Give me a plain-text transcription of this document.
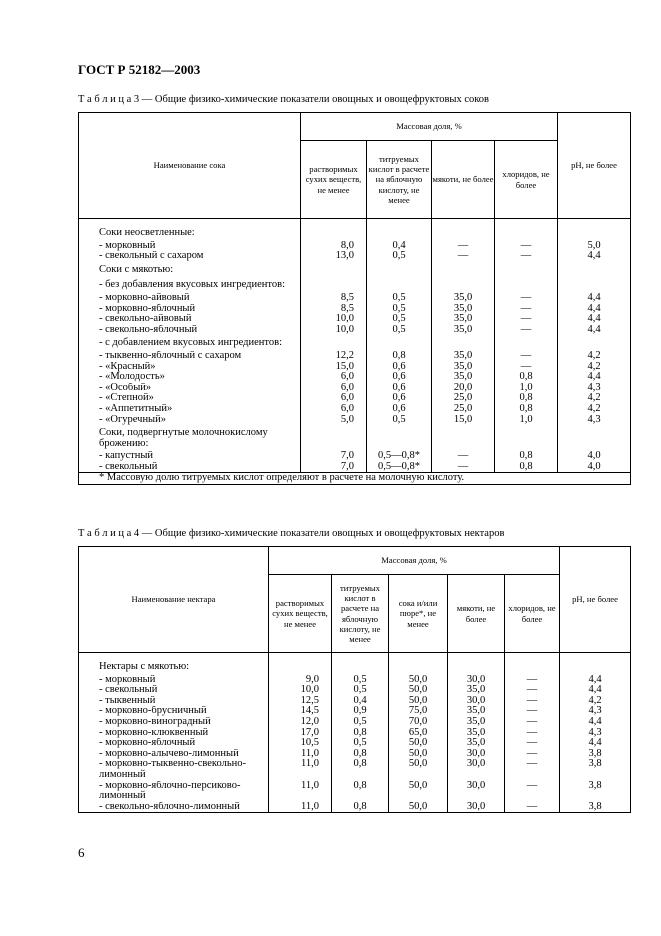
ГОСТ Р 52182—2003
Т а б л и ц а 3 — Общие физико-химические показатели овощных и овощефруктовых соков
Наименование сока	Массовая доля, %				рН, не более
	растворимых сухих веществ, не менее	титруемых кислот в расчете на яблочную кислоту, не менее	мякоти, не более	хлоридов, не более	

Соки неосветленные:					
- морковный	8,0	0,4	—	—	5,0
- свекольный с сахаром	13,0	0,5	—	—	4,4
Соки с мякотью:					
- без добавления вкусовых ингредиентов:					
- морковно-айвовый	8,5	0,5	35,0	—	4,4
- морковно-яблочный	8,5	0,5	35,0	—	4,4
- свекольно-айвовый	10,0	0,5	35,0	—	4,4
- свекольно-яблочный	10,0	0,5	35,0	—	4,4
- с добавлением вкусовых ингредиентов:					
- тыквенно-яблочный с сахаром	12,2	0,8	35,0	—	4,2
- «Красный»	15,0	0,6	35,0	—	4,2
- «Молодость»	6,0	0,6	35,0	0,8	4,4
- «Особый»	6,0	0,6	20,0	1,0	4,3
- «Степной»	6,0	0,6	25,0	0,8	4,2
- «Аппетитный»	6,0	0,6	25,0	0,8	4,2
- «Огуречный»	5,0	0,5	15,0	1,0	4,3
Соки, подвергнутые молочнокислому брожению:					
- капустный	7,0	0,5—0,8*	—	0,8	4,0
- свекольный	7,0	0,5—0,8*	—	0,8	4,0
* Массовую долю титруемых кислот определяют в расчете на молочную кислоту.					
Т а б л и ц а 4 — Общие физико-химические показатели овощных и овощефруктовых нектаров
Наименование нектара	Массовая доля, %					рН, не более
	растворимых сухих веществ, не менее	титруемых кислот в расчете на яблочную кислоту, не менее	сока и/или пюре*, не менее	мякоти, не более	хлоридов, не более	

Нектары с мякотью:						
- морковный	9,0	0,5	50,0	30,0	—	4,4
- свекольный	10,0	0,5	50,0	35,0	—	4,4
- тыквенный	12,5	0,4	50,0	30,0	—	4,2
- морковно-брусничный	14,5	0,9	75,0	35,0	—	4,3
- морковно-виноградный	12,0	0,5	70,0	35,0	—	4,4
- морковно-клюквенный	17,0	0,8	65,0	35,0	—	4,3
- морковно-яблочный	10,5	0,5	50,0	35,0	—	4,4
- морковно-алычево-лимонный	11,0	0,8	50,0	30,0	—	3,8
- морковно-тыквенно-свекольно-лимонный	11,0	0,8	50,0	30,0	—	3,8
- морковно-яблочно-персиково-лимонный	11,0	0,8	50,0	30,0	—	3,8
- свекольно-яблочно-лимонный	11,0	0,8	50,0	30,0	—	3,8
6
